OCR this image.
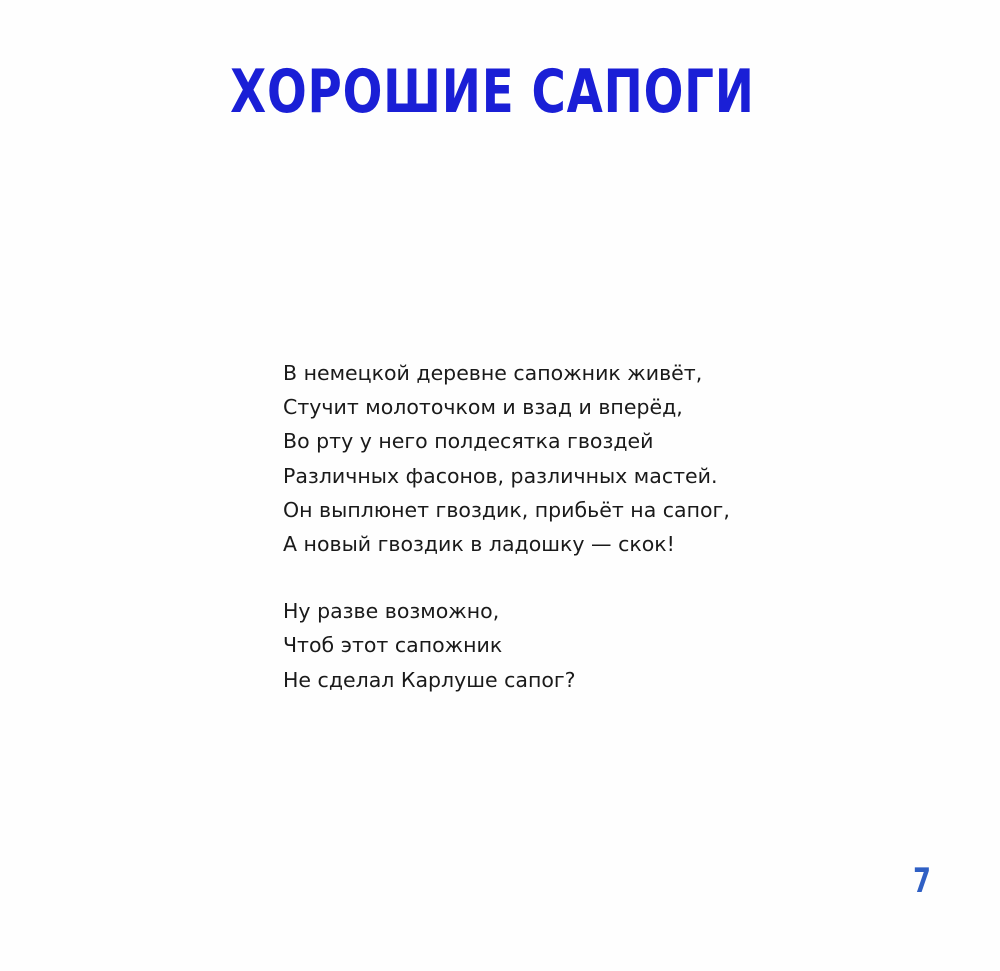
ХОРОШИЕ САПОГИ
В немецкой деревне сапожник живёт,
Стучит молоточком и взад и вперёд,
Во рту у него полдесятка гвоздей
Различных фасонов, различных мастей.
Он выплюнет гвоздик, прибьёт на сапог,
А новый гвоздик в ладошку — скок!
Ну разве возможно,
Чтоб этот сапожник
Не сделал Карлуше сапог?
7
